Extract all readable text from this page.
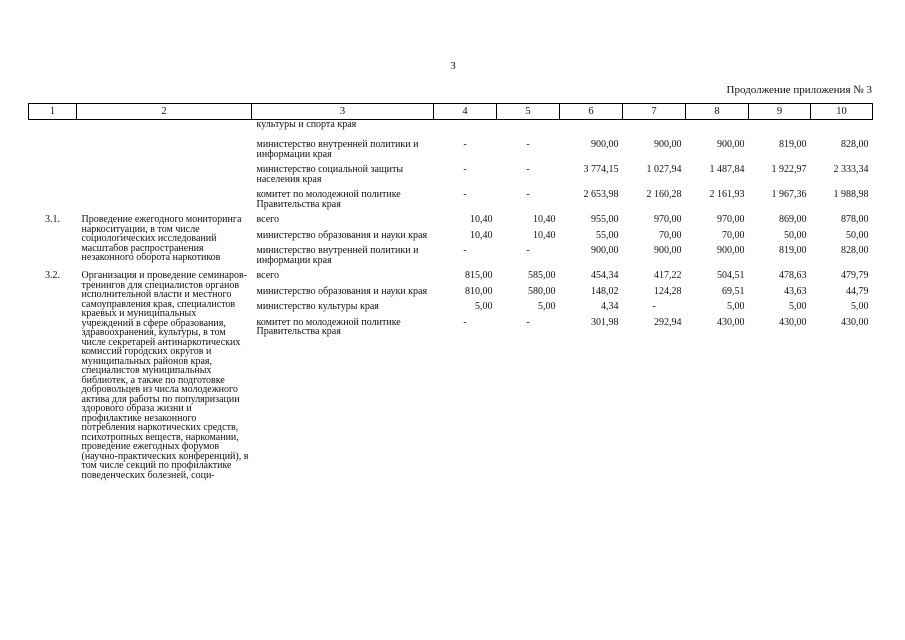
3
Продолжение приложения № 3
1	2	3	4	5	6	7	8	9	10
		культуры и спорта края							

		министерство внутренней политики и информации края	-	-	900,00	900,00	900,00	819,00	828,00

		министерство социальной защиты населения края	-	-	3 774,15	1 027,94	1 487,84	1 922,97	2 333,34

		комитет по молодежной политике Правительства края	-	-	2 653,98	2 160,28	2 161,93	1 967,36	1 988,98

3.1.	Проведение ежегодного мониторинга наркоситуации, в том числе социологических исследований масштабов распространения незаконного оборота наркотиков	всего	10,40	10,40	955,00	970,00	970,00	869,00	878,00

		министерство образования и науки края	10,40	10,40	55,00	70,00	70,00	50,00	50,00

		министерство внутренней политики и информации края	-	-	900,00	900,00	900,00	819,00	828,00

3.2.	Организация и проведение семинаров-тренингов для специалистов органов исполнительной власти и местного самоуправления края, специалистов краевых и муниципальных учреждений в сфере образования, здравоохранения, культуры, в том числе секретарей антинаркотических комиссий городских округов и муниципальных районов края, специалистов муниципальных библиотек, а также по подготовке добровольцев из числа молодежного актива для работы по популяризации здорового образа жизни и профилактике незаконного потребления наркотических средств, психотропных веществ, наркомании, проведение ежегодных форумов (научно-практических конференций), в том числе секций по профилактике поведенческих болезней, соци-	всего	815,00	585,00	454,34	417,22	504,51	478,63	479,79

		министерство образования и науки края	810,00	580,00	148,02	124,28	69,51	43,63	44,79

		министерство культуры края	5,00	5,00	4,34	-	5,00	5,00	5,00

		комитет по молодежной политике Правительства края	-	-	301,98	292,94	430,00	430,00	430,00
